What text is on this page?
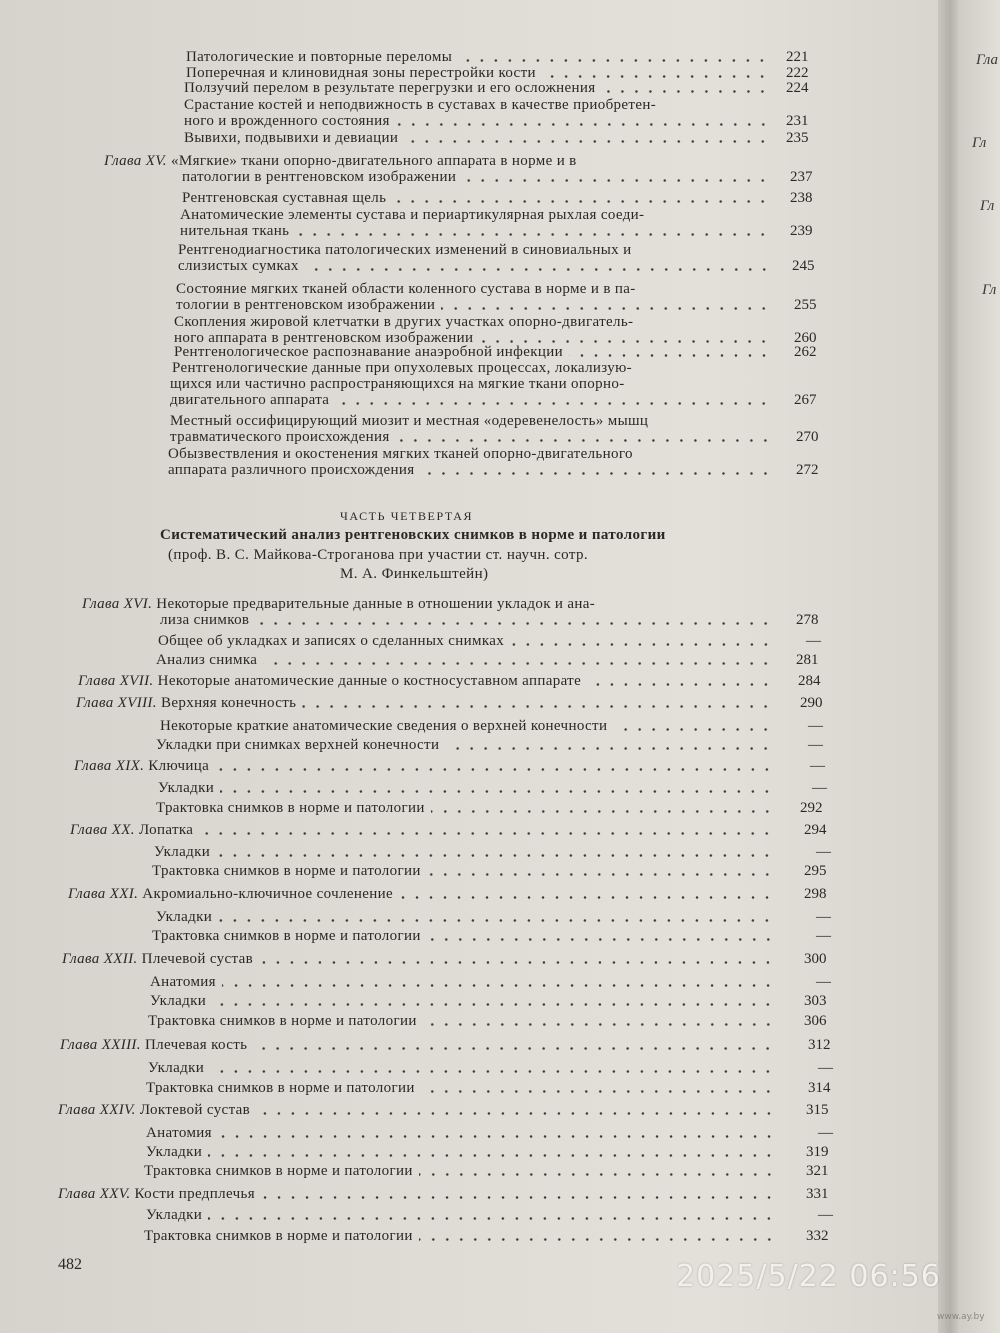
Гла
Гл
Гл
Гл
Патологические и повторные переломы	221
Поперечная и клиновидная зоны перестройки кости	222
Ползучий перелом в результате перегрузки и его осложнения	224
Срастание костей и неподвижность в суставах в качестве приобретен-
ного и врожденного состояния	231
Вывихи, подвывихи и девиации	235
Глава XV.
«Мягкие» ткани опорно-двигательного аппарата в норме и в
патологии в рентгеновском изображении	237
Рентгеновская суставная щель	238
Анатомические элементы сустава и периартикулярная рыхлая соеди-
нительная ткань	239
Рентгенодиагностика патологических изменений в синовиальных и
слизистых сумках	245
Состояние мягких тканей области коленного сустава в норме и в па-
тологии в рентгеновском изображении	255
Скопления жировой клетчатки в других участках опорно-двигатель-
ного аппарата в рентгеновском изображении	260
Рентгенологическое распознавание анаэробной инфекции	262
Рентгенологические данные при опухолевых процессах, локализую-
щихся или частично распространяющихся на мягкие ткани опорно-
двигательного аппарата	267
Местный оссифицирующий миозит и местная «одеревенелость» мышц
травматического происхождения	270
Обызвествления и окостенения мягких тканей опорно-двигательного
аппарата различного происхождения	272
Глава XVI.
Некоторые предварительные данные в отношении укладок и ана-
лиза снимков	278
Общее об укладках и записях о сделанных снимках	—
Анализ снимка	281
Глава XVII.
Некоторые анатомические данные о костносуставном аппарате	284
Глава XVIII.
Верхняя конечность	290
Некоторые краткие анатомические сведения о верхней конечности	—
Укладки при снимках верхней конечности	—
Глава XIX.
Ключица	—
Укладки	—
Трактовка снимков в норме и патологии	292
Глава XX.
Лопатка	294
Укладки	—
Трактовка снимков в норме и патологии	295
Глава XXI.
Акромиально-ключичное сочленение	298
Укладки	—
Трактовка снимков в норме и патологии	—
Глава XXII.
Плечевой сустав	300
Анатомия	—
Укладки	303
Трактовка снимков в норме и патологии	306
Глава XXIII.
Плечевая кость	312
Укладки	—
Трактовка снимков в норме и патологии	314
Глава XXIV.
Локтевой сустав	315
Анатомия	—
Укладки	319
Трактовка снимков в норме и патологии	321
Глава XXV.
Кости предплечья	331
Укладки	—
Трактовка снимков в норме и патологии	332
ЧАСТЬ ЧЕТВЕРТАЯ
Систематический анализ рентгеновских снимков в норме и патологии
(проф. В. С. Майкова-Строганова при участии ст. научн. сотр.
М. А. Финкельштейн)
482	2025/5/22 06:56
www.ay.by
